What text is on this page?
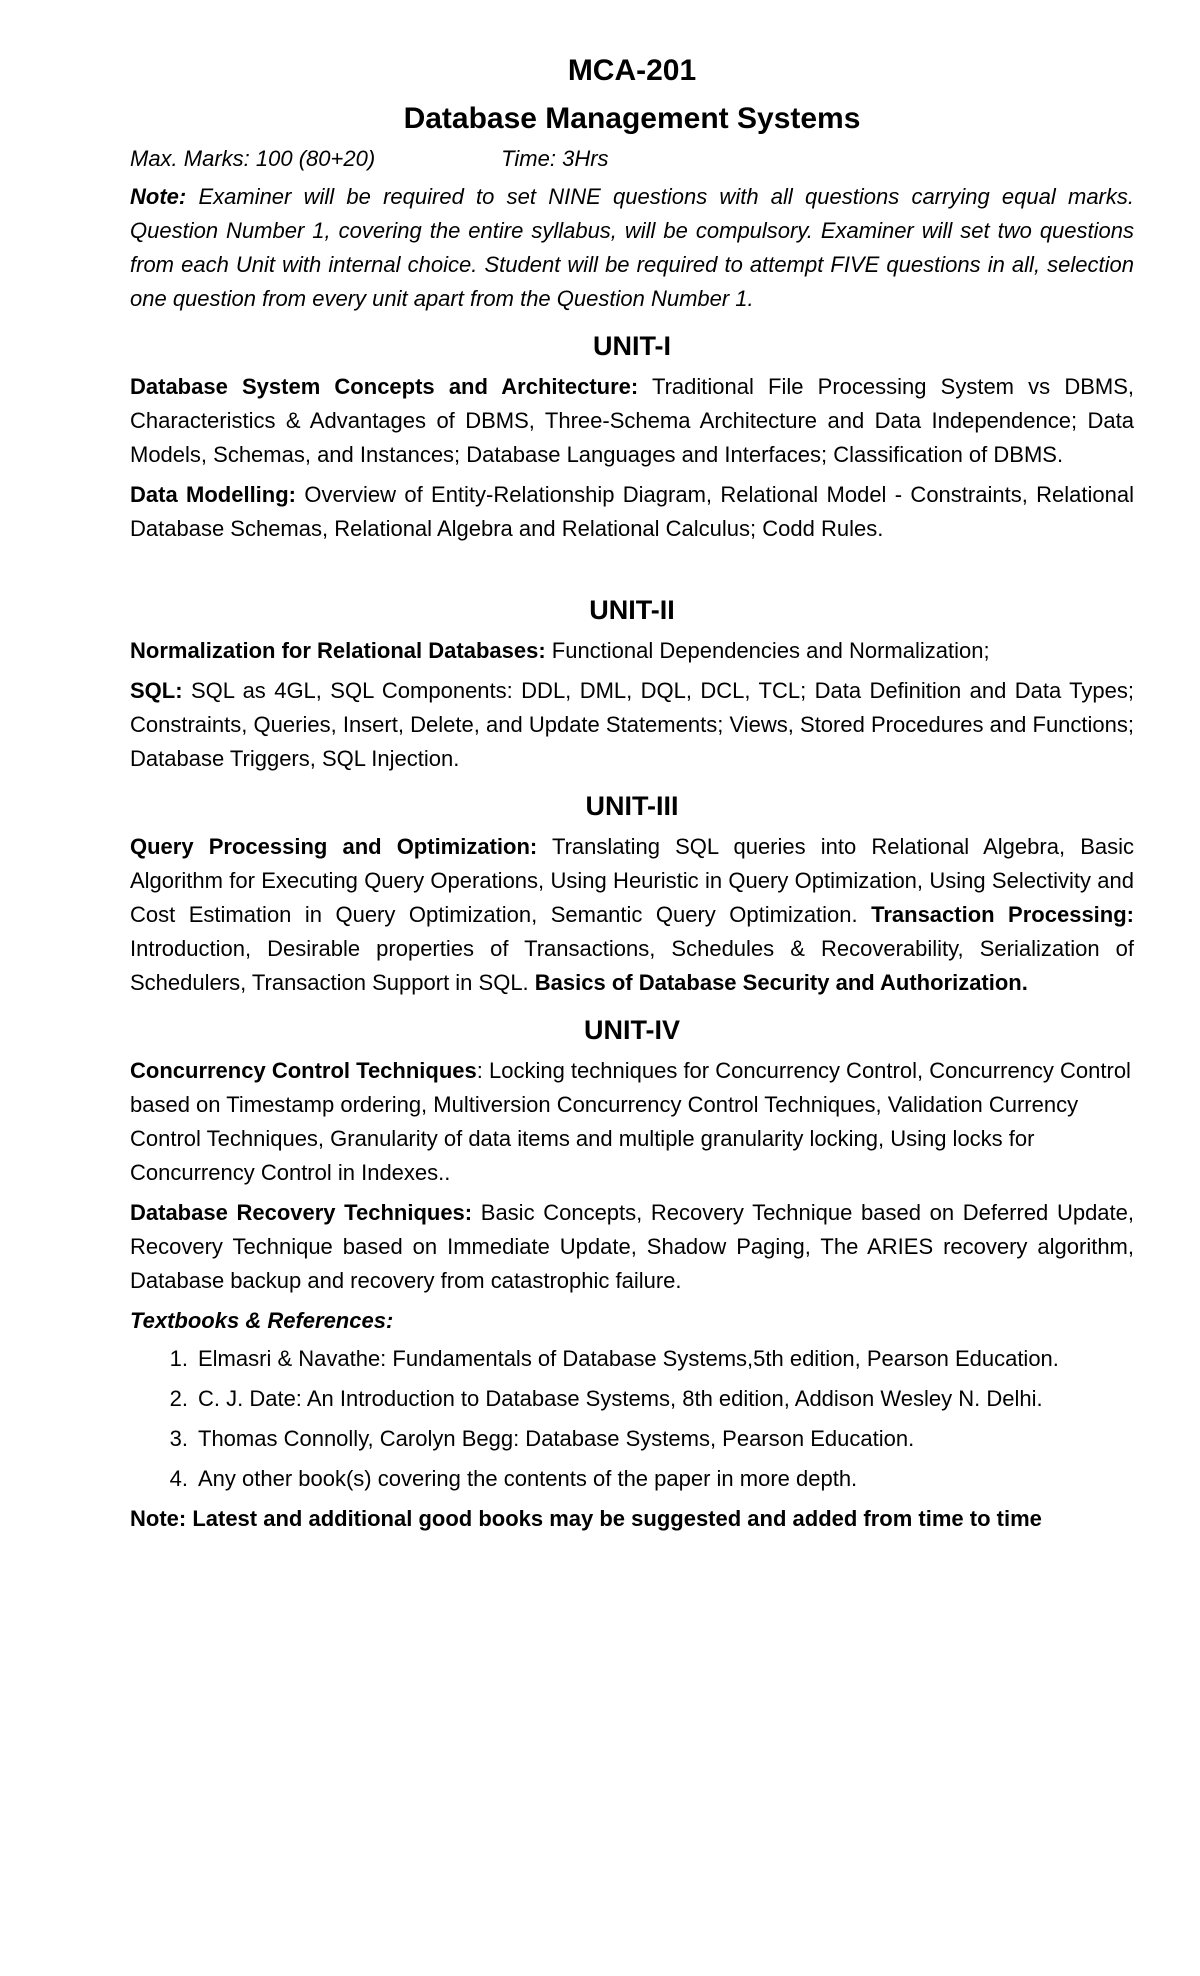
MCA-201
Database Management Systems

Max. Marks: 100 (80+20)	Time: 3Hrs

Note: Examiner will be required to set NINE questions with all questions carrying equal marks. Question Number 1, covering the entire syllabus, will be compulsory. Examiner will set two questions from each Unit with internal choice. Student will be required to attempt FIVE questions in all, selection one question from every unit apart from the Question Number 1.

UNIT-I

Database System Concepts and Architecture: Traditional File Processing System vs DBMS, Characteristics & Advantages of DBMS, Three-Schema Architecture and Data Independence; Data Models, Schemas, and Instances; Database Languages and Interfaces; Classification of DBMS.

Data Modelling: Overview of Entity-Relationship Diagram, Relational Model - Constraints, Relational Database Schemas, Relational Algebra and Relational Calculus; Codd Rules.

UNIT-II

Normalization for Relational Databases: Functional Dependencies and Normalization;

SQL: SQL as 4GL, SQL Components: DDL, DML, DQL, DCL, TCL; Data Definition and Data Types; Constraints, Queries, Insert, Delete, and Update Statements; Views, Stored Procedures and Functions; Database Triggers, SQL Injection.

UNIT-III

Query Processing and Optimization: Translating SQL queries into Relational Algebra, Basic Algorithm for Executing Query Operations, Using Heuristic in Query Optimization, Using Selectivity and Cost Estimation in Query Optimization, Semantic Query Optimization. Transaction Processing: Introduction, Desirable properties of Transactions, Schedules & Recoverability, Serialization of Schedulers, Transaction Support in SQL. Basics of Database Security and Authorization.

UNIT-IV

Concurrency Control Techniques: Locking techniques for Concurrency Control, Concurrency Control based on Timestamp ordering, Multiversion Concurrency Control Techniques, Validation Currency Control Techniques, Granularity of data items and multiple granularity locking, Using locks for Concurrency Control in Indexes..

Database Recovery Techniques: Basic Concepts, Recovery Technique based on Deferred Update, Recovery Technique based on Immediate Update, Shadow Paging, The ARIES recovery algorithm, Database backup and recovery from catastrophic failure.

Textbooks & References:

1. Elmasri & Navathe: Fundamentals of Database Systems,5th edition, Pearson Education.
2. C. J. Date: An Introduction to Database Systems, 8th edition, Addison Wesley N. Delhi.
3. Thomas Connolly, Carolyn Begg: Database Systems, Pearson Education.
4. Any other book(s) covering the contents of the paper in more depth.

Note: Latest and additional good books may be suggested and added from time to time
